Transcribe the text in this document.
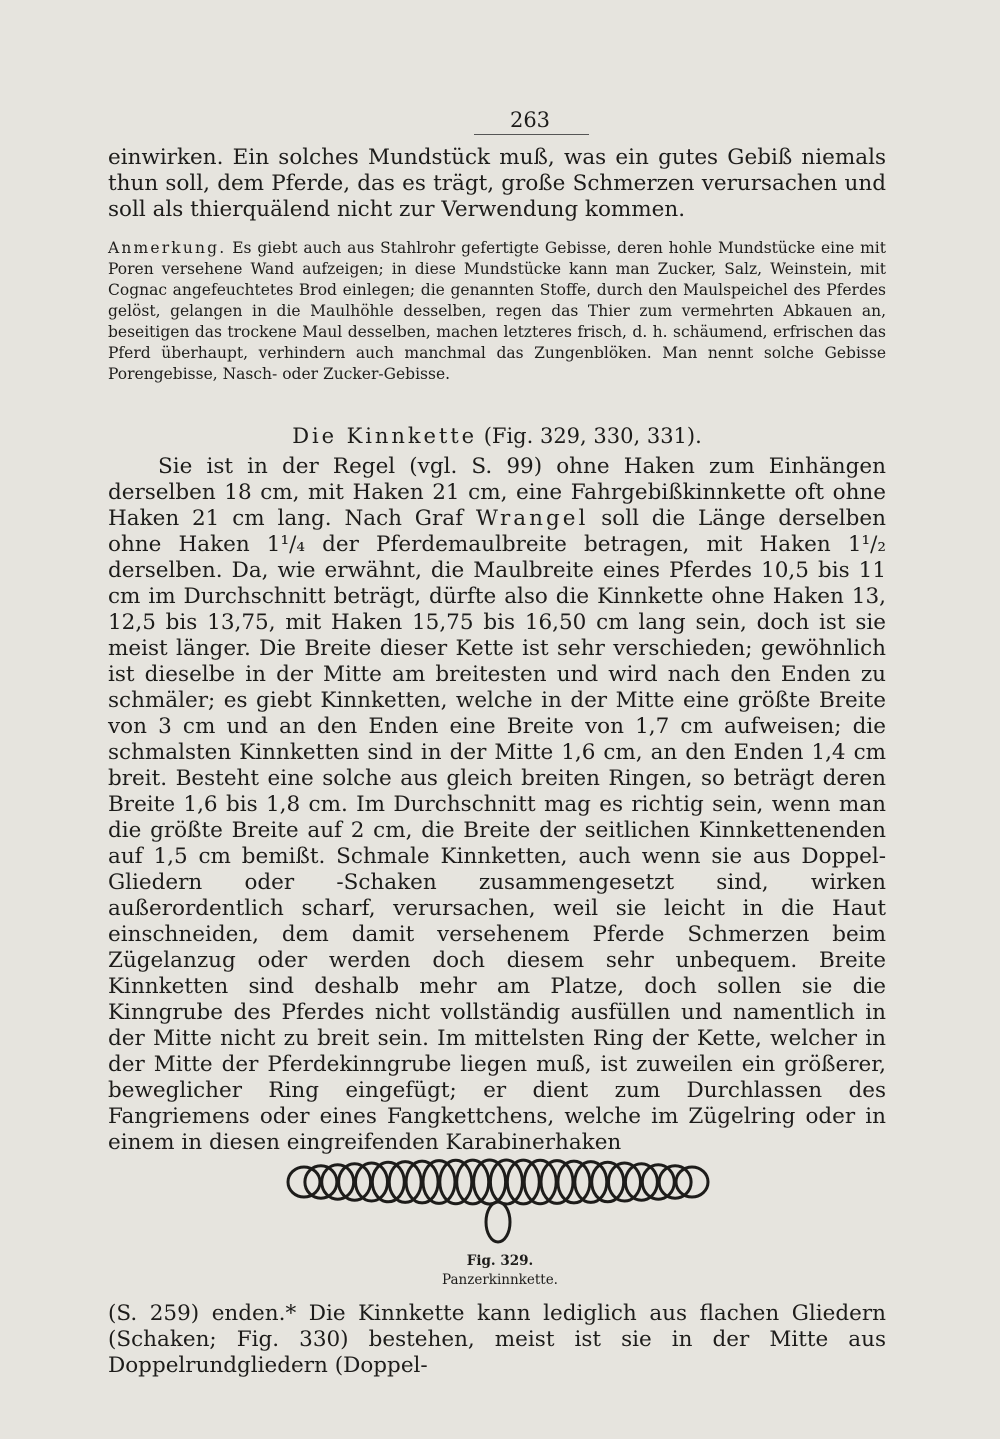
263

einwirken. Ein solches Mundstück muß, was ein gutes Gebiß niemals thun soll, dem Pferde, das es trägt, große Schmerzen verursachen und soll als thierquälend nicht zur Verwendung kommen.

Anmerkung. Es giebt auch aus Stahlrohr gefertigte Gebisse, deren hohle Mundstücke eine mit Poren versehene Wand aufzeigen; in diese Mundstücke kann man Zucker, Salz, Weinstein, mit Cognac angefeuchtetes Brod einlegen; die genannten Stoffe, durch den Maulspeichel des Pferdes gelöst, gelangen in die Maulhöhle desselben, regen das Thier zum vermehrten Abkauen an, beseitigen das trockene Maul desselben, machen letzteres frisch, d. h. schäumend, erfrischen das Pferd überhaupt, verhindern auch manchmal das Zungenblöken. Man nennt solche Gebisse Porengebisse, Nasch- oder Zucker-Gebisse.

Die Kinnkette (Fig. 329, 330, 331).

Sie ist in der Regel (vgl. S. 99) ohne Haken zum Einhängen derselben 18 cm, mit Haken 21 cm, eine Fahrgebißkinnkette oft ohne Haken 21 cm lang. Nach Graf Wrangel soll die Länge derselben ohne Haken 1¹/₄ der Pferdemaulbreite betragen, mit Haken 1¹/₂ derselben. Da, wie erwähnt, die Maulbreite eines Pferdes 10,5 bis 11 cm im Durchschnitt beträgt, dürfte also die Kinnkette ohne Haken 13, 12,5 bis 13,75, mit Haken 15,75 bis 16,50 cm lang sein, doch ist sie meist länger. Die Breite dieser Kette ist sehr verschieden; gewöhnlich ist dieselbe in der Mitte am breitesten und wird nach den Enden zu schmäler; es giebt Kinnketten, welche in der Mitte eine größte Breite von 3 cm und an den Enden eine Breite von 1,7 cm aufweisen; die schmalsten Kinnketten sind in der Mitte 1,6 cm, an den Enden 1,4 cm breit. Besteht eine solche aus gleich breiten Ringen, so beträgt deren Breite 1,6 bis 1,8 cm. Im Durchschnitt mag es richtig sein, wenn man die größte Breite auf 2 cm, die Breite der seitlichen Kinnkettenenden auf 1,5 cm bemißt. Schmale Kinnketten, auch wenn sie aus Doppel-Gliedern oder -Schaken zusammengesetzt sind, wirken außerordentlich scharf, verursachen, weil sie leicht in die Haut einschneiden, dem damit versehenem Pferde Schmerzen beim Zügelanzug oder werden doch diesem sehr unbequem. Breite Kinnketten sind deshalb mehr am Platze, doch sollen sie die Kinngrube des Pferdes nicht vollständig ausfüllen und namentlich in der Mitte nicht zu breit sein. Im mittelsten Ring der Kette, welcher in der Mitte der Pferdekinngrube liegen muß, ist zuweilen ein größerer, beweglicher Ring eingefügt; er dient zum Durchlassen des Fangriemens oder eines Fangkettchens, welche im Zügelring oder in einem in diesen eingreifenden Karabinerhaken

Fig. 329.
Panzerkinnkette.

(S. 259) enden.* Die Kinnkette kann lediglich aus flachen Gliedern (Schaken; Fig. 330) bestehen, meist ist sie in der Mitte aus Doppelrundgliedern (Doppel-
